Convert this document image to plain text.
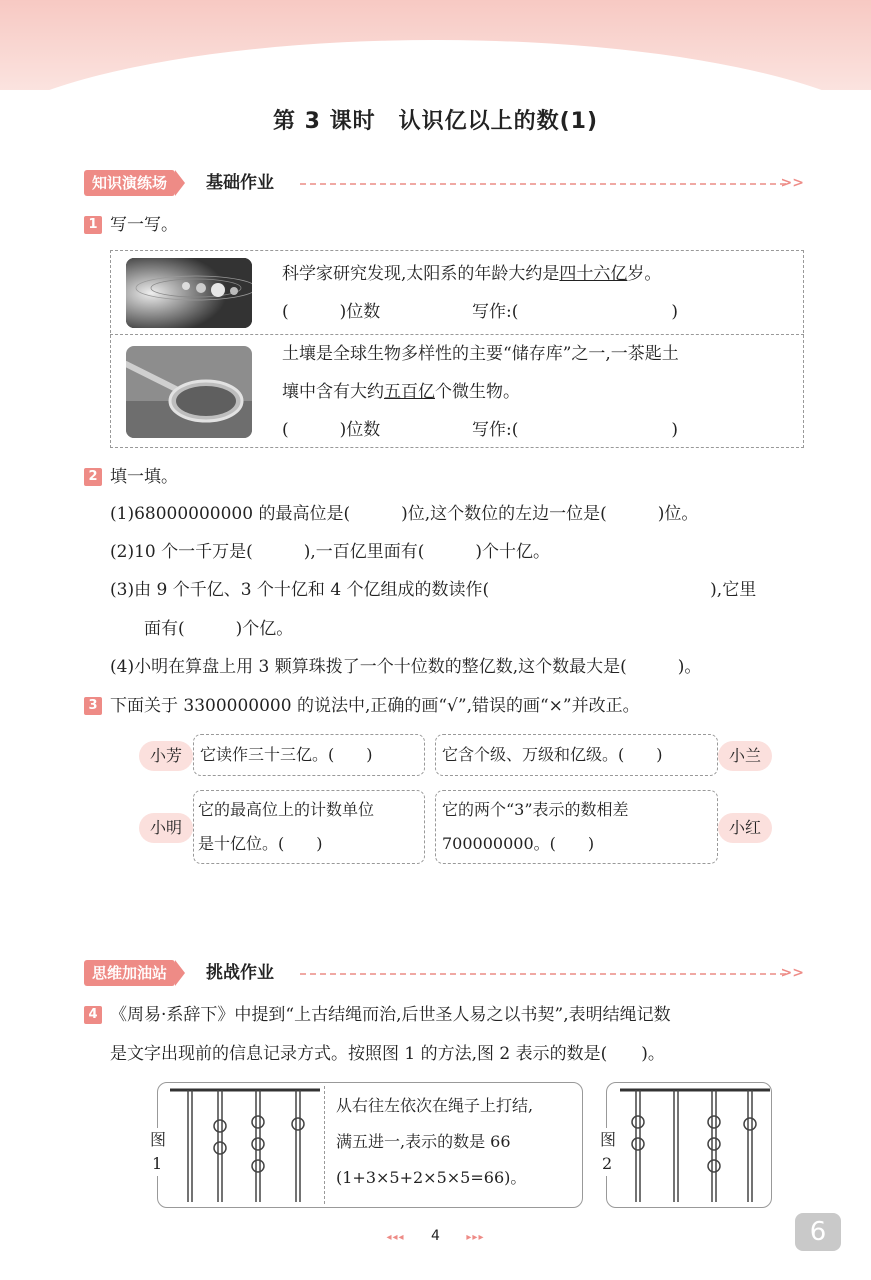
第 3 课时　认识亿以上的数(1)
知识演练场	基础作业	>>
1 写一写。
科学家研究发现,太阳系的年龄大约是四十六亿岁。
(　　　)位数	写作:(　　　　　　　　　)
土壤是全球生物多样性的主要“储存库”之一,一茶匙土
壤中含有大约五百亿个微生物。
(　　　)位数	写作:(　　　　　　　　　)
2 填一填。
(1)68000000000 的最高位是(　　　)位,这个数位的左边一位是(　　　)位。
(2)10 个一千万是(　　　),一百亿里面有(　　　)个十亿。
(3)由 9 个千亿、3 个十亿和 4 个亿组成的数读作(　　　　　　　　　　　　　),它里
面有(　　　)个亿。
(4)小明在算盘上用 3 颗算珠拨了一个十位数的整亿数,这个数最大是(　　　)。
3 下面关于 3300000000 的说法中,正确的画“√”,错误的画“×”并改正。
小芳	它读作三十三亿。(　　)	它含个级、万级和亿级。(　　)	小兰
小明
它的最高位上的计数单位
是十亿位。(　　)
它的两个“3”表示的数相差
700000000。(　　)
小红
思维加油站	挑战作业	>>
4 《周易·系辞下》中提到“上古结绳而治,后世圣人易之以书契”,表明结绳记数
是文字出现前的信息记录方式。按照图 1 的方法,图 2 表示的数是(　　)。
图
1
从右往左依次在绳子上打结,
满五进一,表示的数是 66
(1+3×5+2×5×5=66)。
图
2
◂◂◂ 4	▸▸▸	6
